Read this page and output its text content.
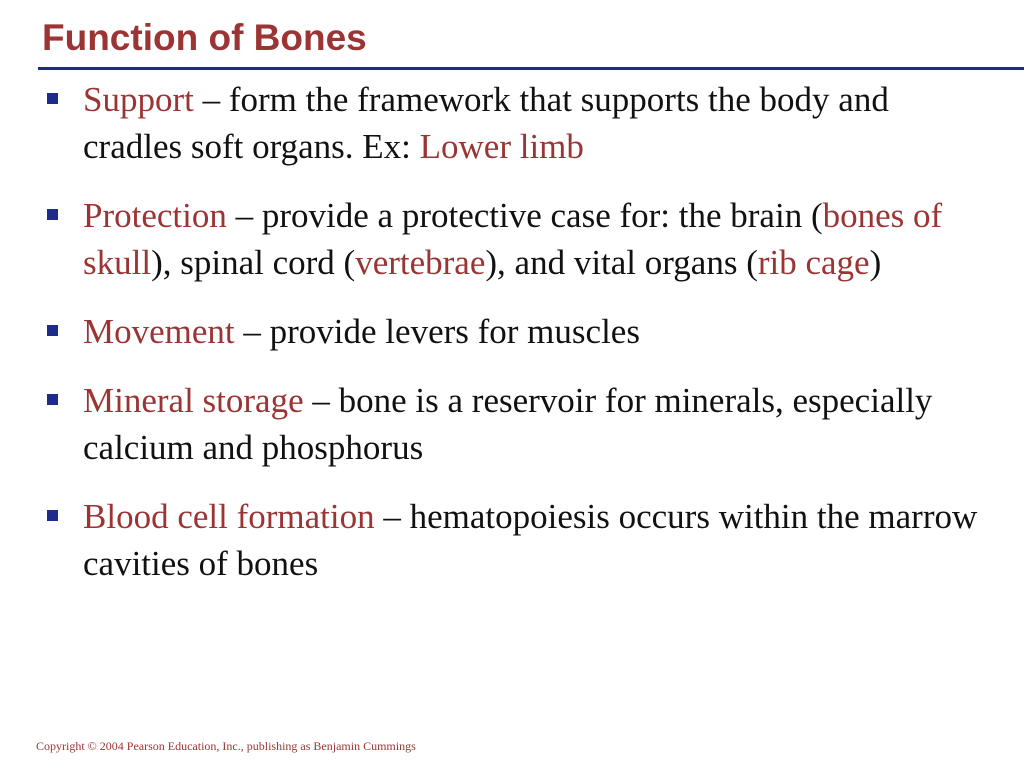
Function of Bones
Support – form the framework that supports the body and cradles soft organs. Ex: Lower limb
Protection – provide a protective case for: the brain (bones of skull), spinal cord (vertebrae), and vital organs (rib cage)
Movement – provide levers for muscles
Mineral storage – bone is a reservoir for minerals, especially calcium and phosphorus
Blood cell formation – hematopoiesis occurs within the marrow cavities of bones

Copyright © 2004 Pearson Education, Inc., publishing as Benjamin Cummings
